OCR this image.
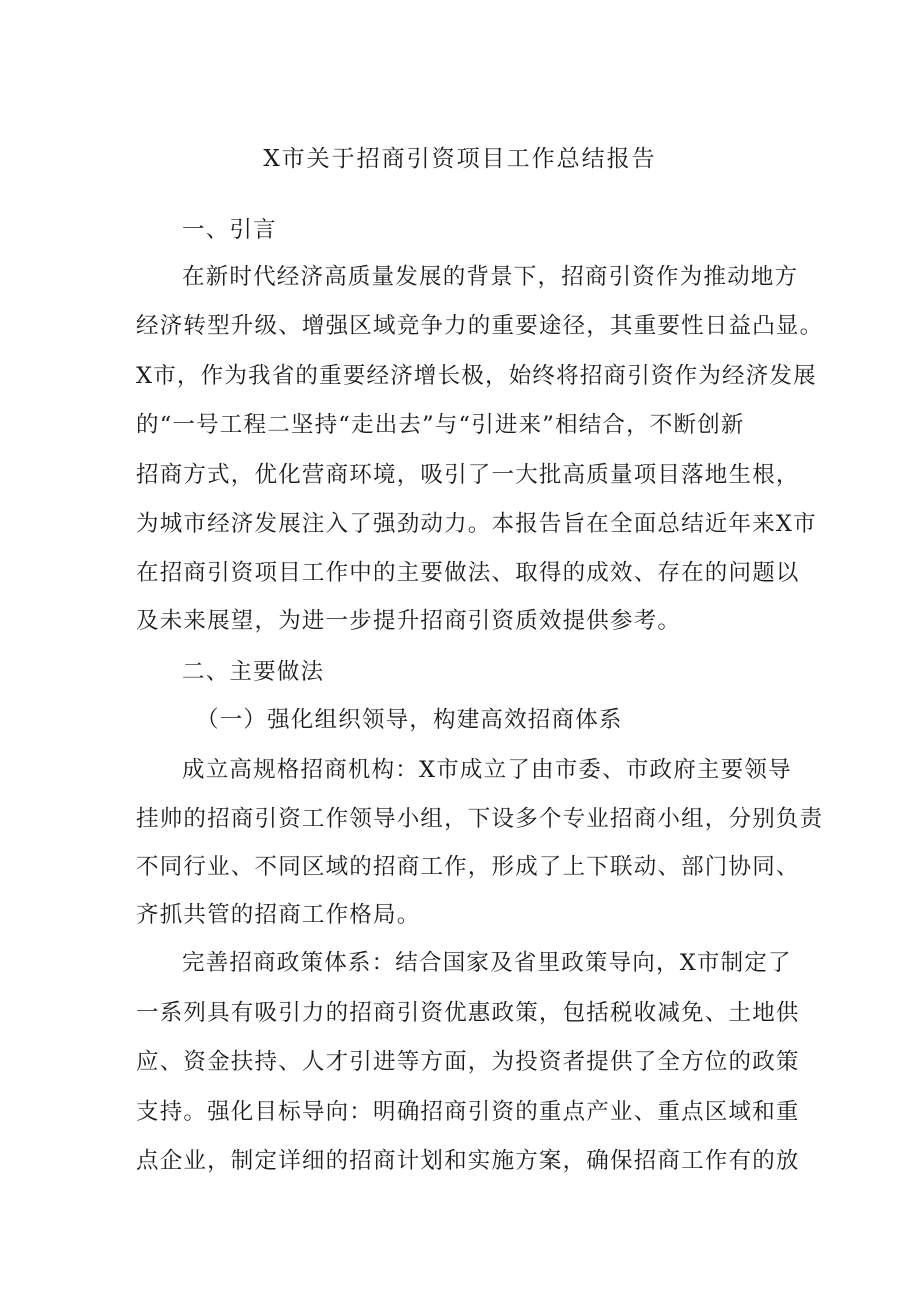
X市关于招商引资项目工作总结报告
一、引言
在新时代经济高质量发展的背景下，招商引资作为推动地方
经济转型升级、增强区域竞争力的重要途径，其重要性日益凸显。
X市，作为我省的重要经济增长极，始终将招商引资作为经济发展
的“一号工程二坚持“走出去”与“引进来”相结合，不断创新
招商方式，优化营商环境，吸引了一大批高质量项目落地生根，
为城市经济发展注入了强劲动力。本报告旨在全面总结近年来X市
在招商引资项目工作中的主要做法、取得的成效、存在的问题以
及未来展望，为进一步提升招商引资质效提供参考。
二、主要做法
（一）强化组织领导，构建高效招商体系
成立高规格招商机构：X市成立了由市委、市政府主要领导
挂帅的招商引资工作领导小组，下设多个专业招商小组，分别负责
不同行业、不同区域的招商工作，形成了上下联动、部门协同、
齐抓共管的招商工作格局。
完善招商政策体系：结合国家及省里政策导向，X市制定了
一系列具有吸引力的招商引资优惠政策，包括税收减免、土地供
应、资金扶持、人才引进等方面，为投资者提供了全方位的政策
支持。强化目标导向：明确招商引资的重点产业、重点区域和重
点企业，制定详细的招商计划和实施方案，确保招商工作有的放
